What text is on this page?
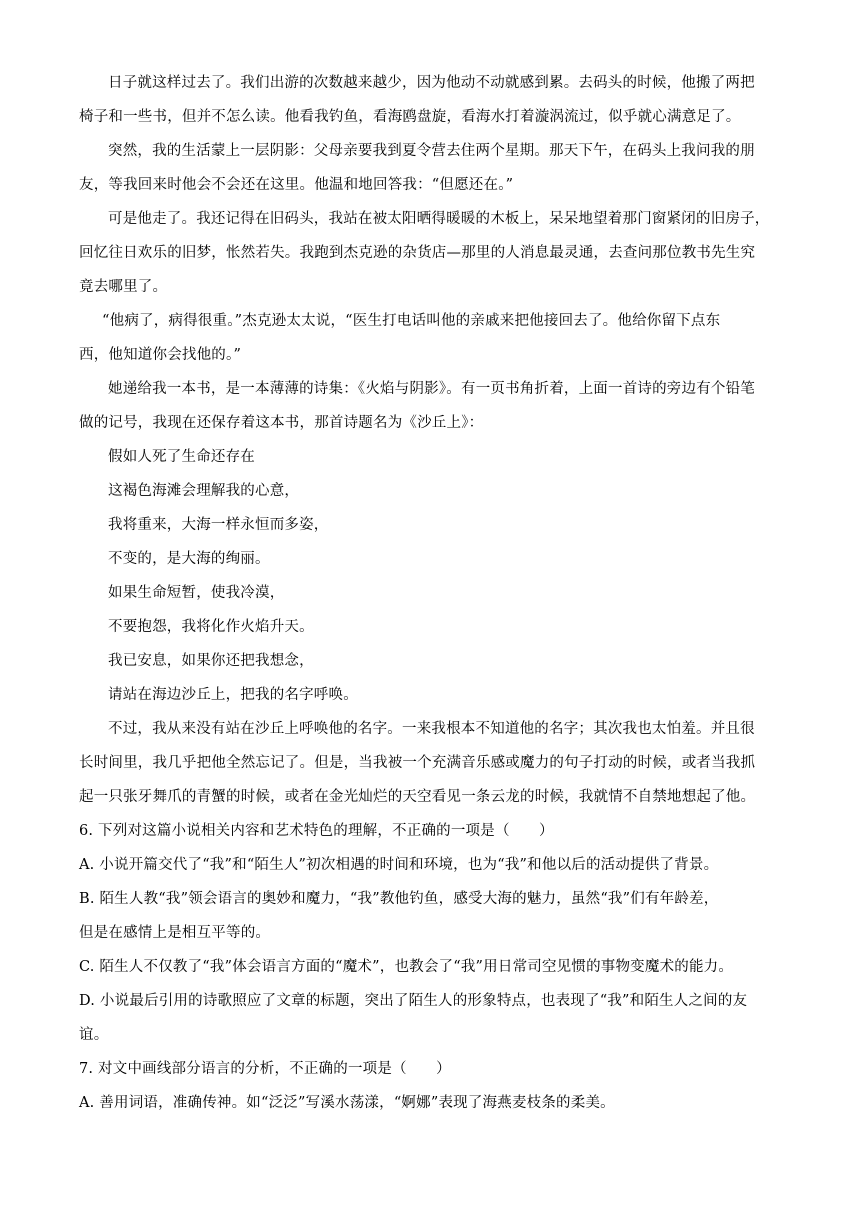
日子就这样过去了。我们出游的次数越来越少，因为他动不动就感到累。去码头的时候，他搬了两把
椅子和一些书，但并不怎么读。他看我钓鱼，看海鸥盘旋，看海水打着漩涡流过，似乎就心满意足了。
突然，我的生活蒙上一层阴影：父母亲要我到夏令营去住两个星期。那天下午，在码头上我问我的朋
友，等我回来时他会不会还在这里。他温和地回答我：“但愿还在。”
可是他走了。我还记得在旧码头，我站在被太阳晒得暖暖的木板上，呆呆地望着那门窗紧闭的旧房子，
回忆往日欢乐的旧梦，怅然若失。我跑到杰克逊的杂货店—那里的人消息最灵通，去查问那位教书先生究
竟去哪里了。
“他病了，病得很重。”杰克逊太太说，“医生打电话叫他的亲戚来把他接回去了。他给你留下点东
西，他知道你会找他的。”
她递给我一本书，是一本薄薄的诗集：《火焰与阴影》。有一页书角折着，上面一首诗的旁边有个铅笔
做的记号，我现在还保存着这本书，那首诗题名为《沙丘上》：
假如人死了生命还存在
这褐色海滩会理解我的心意，
我将重来，大海一样永恒而多姿，
不变的，是大海的绚丽。
如果生命短暂，使我冷漠，
不要抱怨，我将化作火焰升天。
我已安息，如果你还把我想念，
请站在海边沙丘上，把我的名字呼唤。
不过，我从来没有站在沙丘上呼唤他的名字。一来我根本不知道他的名字；其次我也太怕羞。并且很
长时间里，我几乎把他全然忘记了。但是，当我被一个充满音乐感或魔力的句子打动的时候，或者当我抓
起一只张牙舞爪的青蟹的时候，或者在金光灿烂的天空看见一条云龙的时候，我就情不自禁地想起了他。
6. 下列对这篇小说相关内容和艺术特色的理解，不正确的一项是（　　）
A. 小说开篇交代了“我”和“陌生人”初次相遇的时间和环境，也为“我”和他以后的活动提供了背景。
B. 陌生人教“我”领会语言的奥妙和魔力，“我”教他钓鱼，感受大海的魅力，虽然“我”们有年龄差，
但是在感情上是相互平等的。
C. 陌生人不仅教了“我”体会语言方面的“魔术”，也教会了“我”用日常司空见惯的事物变魔术的能力。
D. 小说最后引用的诗歌照应了文章的标题，突出了陌生人的形象特点，也表现了“我”和陌生人之间的友
谊。
7. 对文中画线部分语言的分析，不正确的一项是（　　）
A. 善用词语，准确传神。如“泛泛”写溪水荡漾，“婀娜”表现了海燕麦枝条的柔美。
